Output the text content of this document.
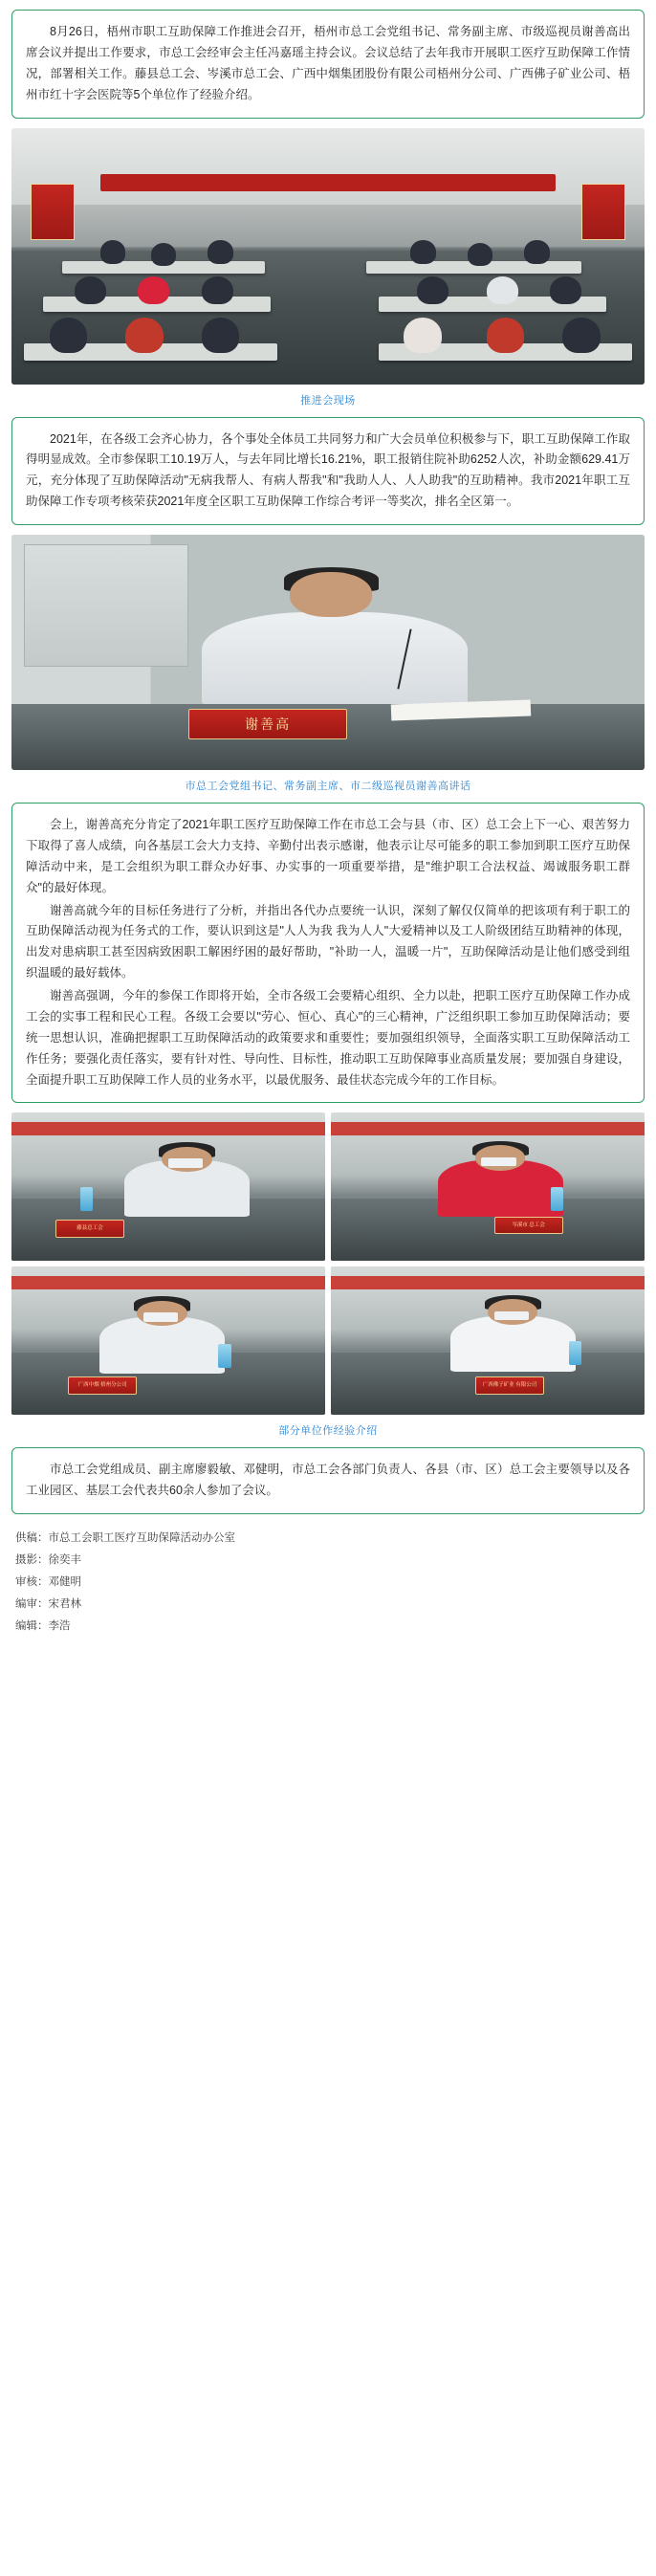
8月26日，梧州市职工互助保障工作推进会召开，梧州市总工会党组书记、常务副主席、市级巡视员谢善高出席会议并提出工作要求，市总工会经审会主任冯嘉瑶主持会议。会议总结了去年我市开展职工医疗互助保障工作情况，部署相关工作。藤县总工会、岑溪市总工会、广西中烟集团股份有限公司梧州分公司、广西佛子矿业公司、梧州市红十字会医院等5个单位作了经验介绍。

推进会现场

2021年，在各级工会齐心协力，各个事处全体员工共同努力和广大会员单位积极参与下，职工互助保障工作取得明显成效。全市参保职工10.19万人，与去年同比增长16.21%，职工报销住院补助6252人次，补助金额629.41万元，充分体现了互助保障活动"无病我帮人、有病人帮我"和"我助人人、人人助我"的互助精神。我市2021年职工互助保障工作专项考核荣获2021年度全区职工互助保障工作综合考评一等奖次，排名全区第一。

谢善高
市总工会党组书记、常务副主席、市二级巡视员谢善高讲话

会上，谢善高充分肯定了2021年职工医疗互助保障工作在市总工会与县（市、区）总工会上下一心、艰苦努力下取得了喜人成绩，向各基层工会大力支持、辛勤付出表示感谢，他表示让尽可能多的职工参加到职工医疗互助保障活动中来，是工会组织为职工群众办好事、办实事的一项重要举措，是"维护职工合法权益、竭诚服务职工群众"的最好体现。

谢善高就今年的目标任务进行了分析，并指出各代办点要统一认识，深刻了解仅仅简单的把该项有利于职工的互助保障活动视为任务式的工作，要认识到这是"人人为我 我为人人"大爱精神以及工人阶级团结互助精神的体现，出发对患病职工甚至因病致困职工解困纾困的最好帮助，"补助一人，温暖一片"，互助保障活动是让他们感受到组织温暖的最好载体。

谢善高强调，今年的参保工作即将开始，全市各级工会要精心组织、全力以赴，把职工医疗互助保障工作办成工会的实事工程和民心工程。各级工会要以"劳心、恒心、真心"的三心精神，广泛组织职工参加互助保障活动；要统一思想认识，准确把握职工互助保障活动的政策要求和重要性；要加强组织领导，全面落实职工互助保障活动工作任务；要强化责任落实，要有针对性、导向性、目标性，推动职工互助保障事业高质量发展；要加强自身建设，全面提升职工互助保障工作人员的业务水平，以最优服务、最佳状态完成今年的工作目标。

藤县总工会
岑溪市 总工会
广西中烟 梧州分公司	广西佛子矿业 有限公司
部分单位作经验介绍

市总工会党组成员、副主席廖毅敏、邓健明，市总工会各部门负责人、各县（市、区）总工会主要领导以及各工业园区、基层工会代表共60余人参加了会议。

供稿：市总工会职工医疗互助保障活动办公室
摄影：徐奕丰
审核：邓健明
编审：宋君林
编辑：李浩
